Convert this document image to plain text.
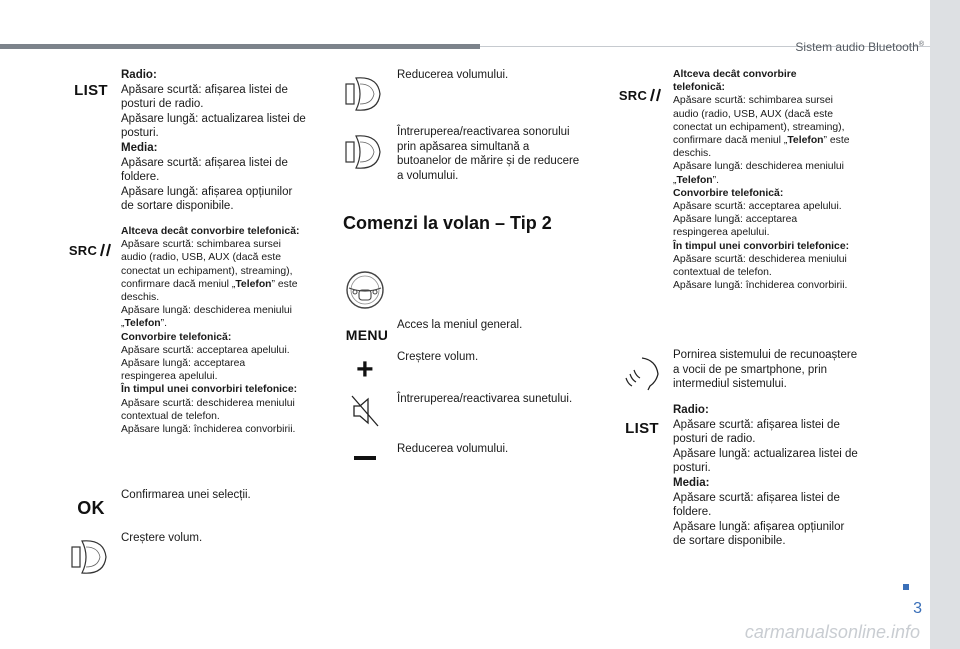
Sistem audio Bluetooth®
3
LIST
Radio:
Apăsare scurtă: afișarea listei de
posturi de radio.
Apăsare lungă: actualizarea listei de
posturi.
Media:
Apăsare scurtă: afișarea listei de
foldere.
Apăsare lungă: afișarea opțiunilor
de sortare disponibile.
SRC
Altceva decât convorbire telefonică:
Apăsare scurtă: schimbarea sursei
audio (radio, USB, AUX (dacă este
conectat un echipament), streaming),
confirmare dacă meniul „Telefon” este
deschis.
Apăsare lungă: deschiderea meniului
„Telefon”.
Convorbire telefonică:
Apăsare scurtă: acceptarea apelului.
Apăsare lungă: acceptarea
respingerea apelului.
În timpul unei convorbiri telefonice:
Apăsare scurtă: deschiderea meniului
contextual de telefon.
Apăsare lungă: închiderea convorbirii.
OK
Confirmarea unei selecții.
Creștere volum.
Reducerea volumului.
Întreruperea/reactivarea sonorului
prin apăsarea simultană a
butoanelor de mărire și de reducere
a volumului.
Comenzi la volan – Tip 2
MENU
Acces la meniul general.
+ Creștere volum.
Întreruperea/reactivarea sunetului.
Reducerea volumului.
SRC
Altceva decât convorbire
telefonică:
Apăsare scurtă: schimbarea sursei
audio (radio, USB, AUX (dacă este
conectat un echipament), streaming),
confirmare dacă meniul „Telefon” este
deschis.
Apăsare lungă: deschiderea meniului
„Telefon”.
Convorbire telefonică:
Apăsare scurtă: acceptarea apelului.
Apăsare lungă: acceptarea
respingerea apelului.
În timpul unei convorbiri telefonice:
Apăsare scurtă: deschiderea meniului
contextual de telefon.
Apăsare lungă: închiderea convorbirii.
Pornirea sistemului de recunoaștere
a vocii de pe smartphone, prin
intermediul sistemului.
LIST
Radio:
Apăsare scurtă: afișarea listei de
posturi de radio.
Apăsare lungă: actualizarea listei de
posturi.
Media:
Apăsare scurtă: afișarea listei de
foldere.
Apăsare lungă: afișarea opțiunilor
de sortare disponibile.
carmanualsonline.info
